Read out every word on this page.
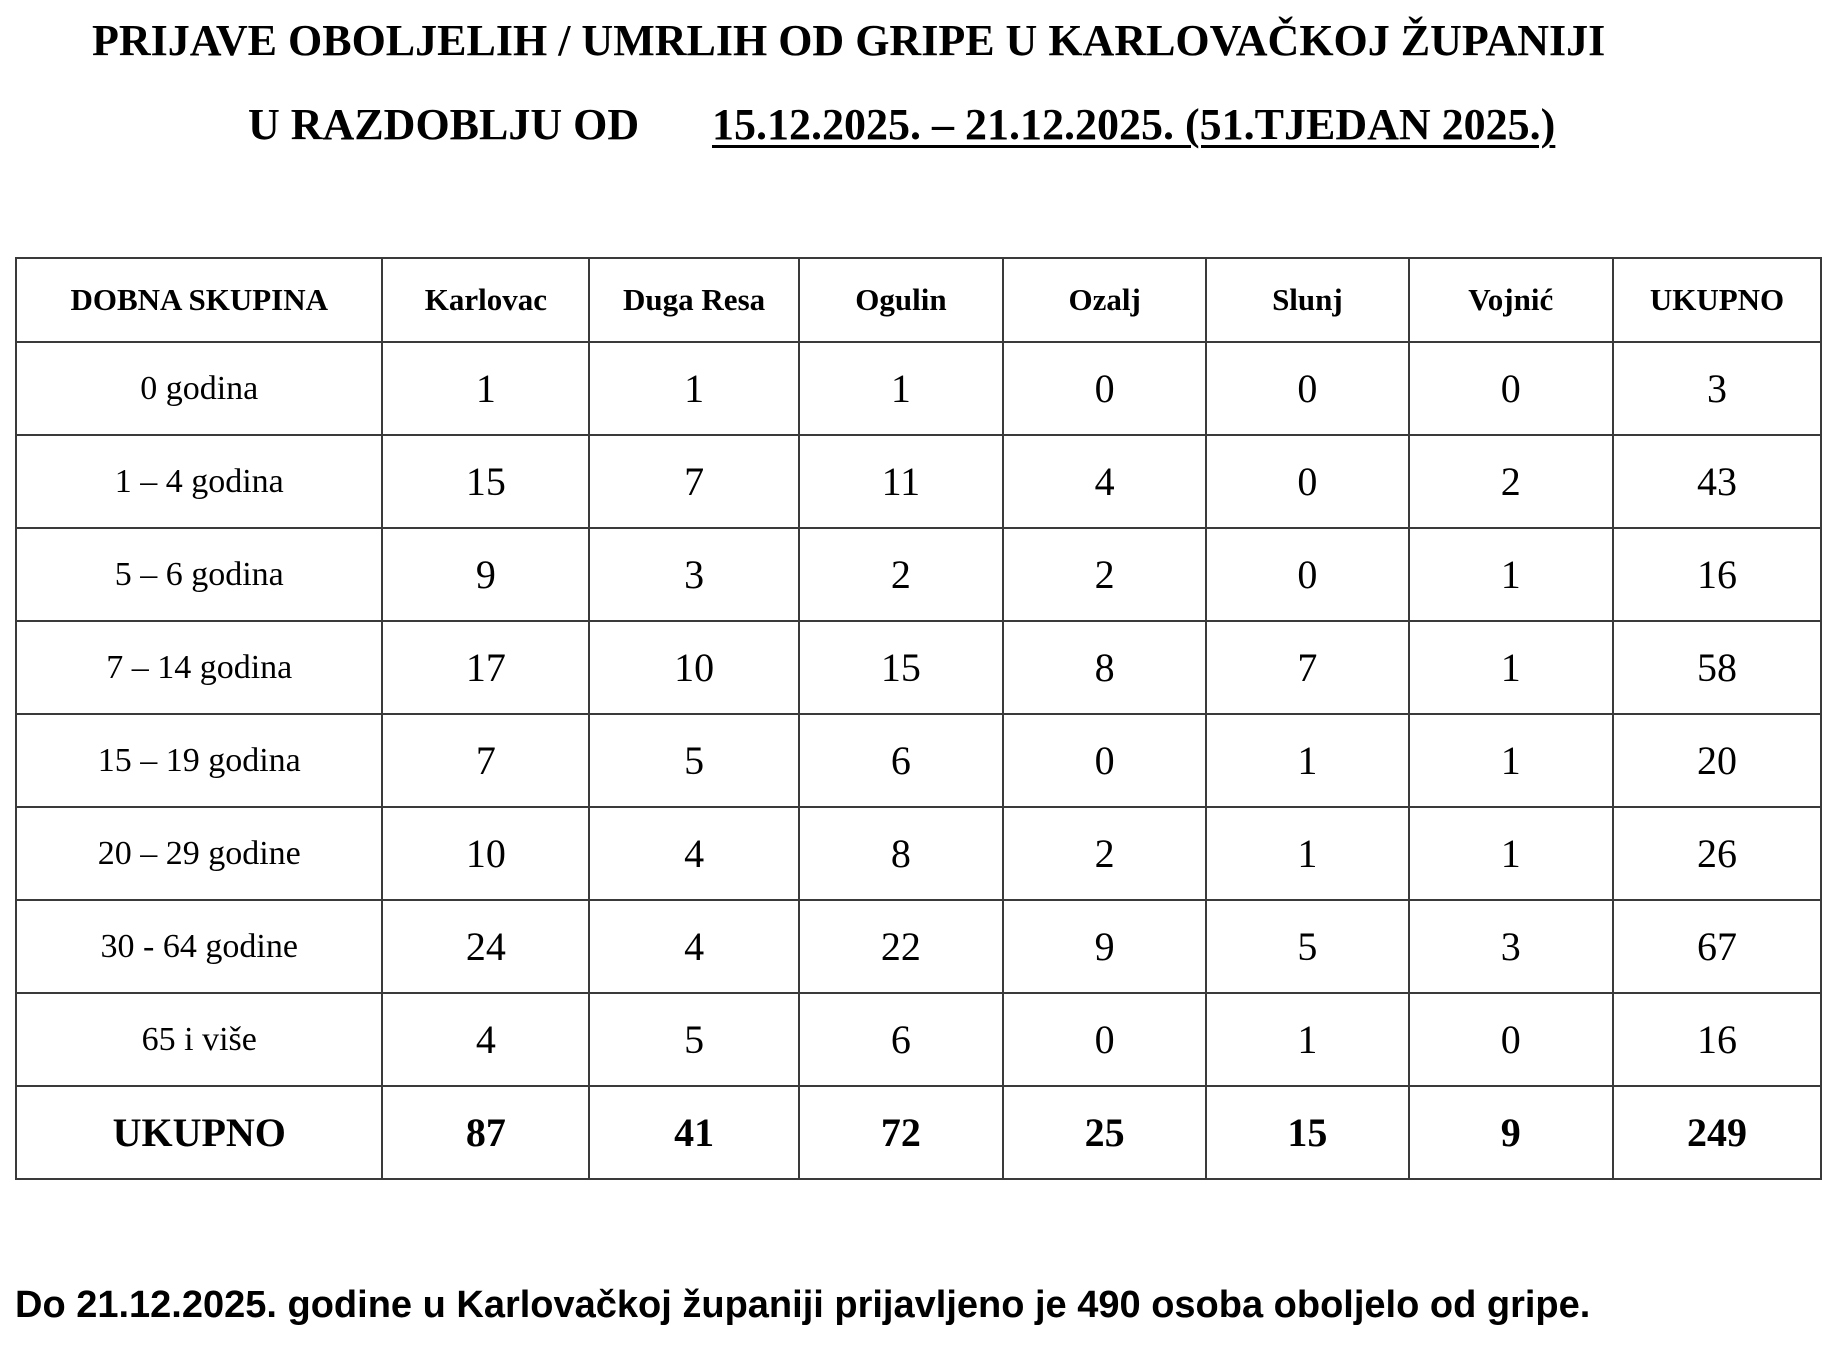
PRIJAVE OBOLJELIH / UMRLIH OD GRIPE U KARLOVAČKOJ ŽUPANIJI
U RAZDOBLJU OD 15.12.2025. – 21.12.2025. (51.TJEDAN 2025.)
DOBNA SKUPINA	Karlovac	Duga Resa	Ogulin	Ozalj	Slunj	Vojnić	UKUPNO
0 godina	1	1	1	0	0	0	3
1 – 4 godina	15	7	11	4	0	2	43
5 – 6 godina	9	3	2	2	0	1	16
7 – 14 godina	17	10	15	8	7	1	58
15 – 19 godina	7	5	6	0	1	1	20
20 – 29 godine	10	4	8	2	1	1	26
30 - 64 godine	24	4	22	9	5	3	67
65 i više	4	5	6	0	1	0	16
UKUPNO	87	41	72	25	15	9	249
Do 21.12.2025. godine u Karlovačkoj županiji prijavljeno je 490 osoba oboljelo od gripe.
